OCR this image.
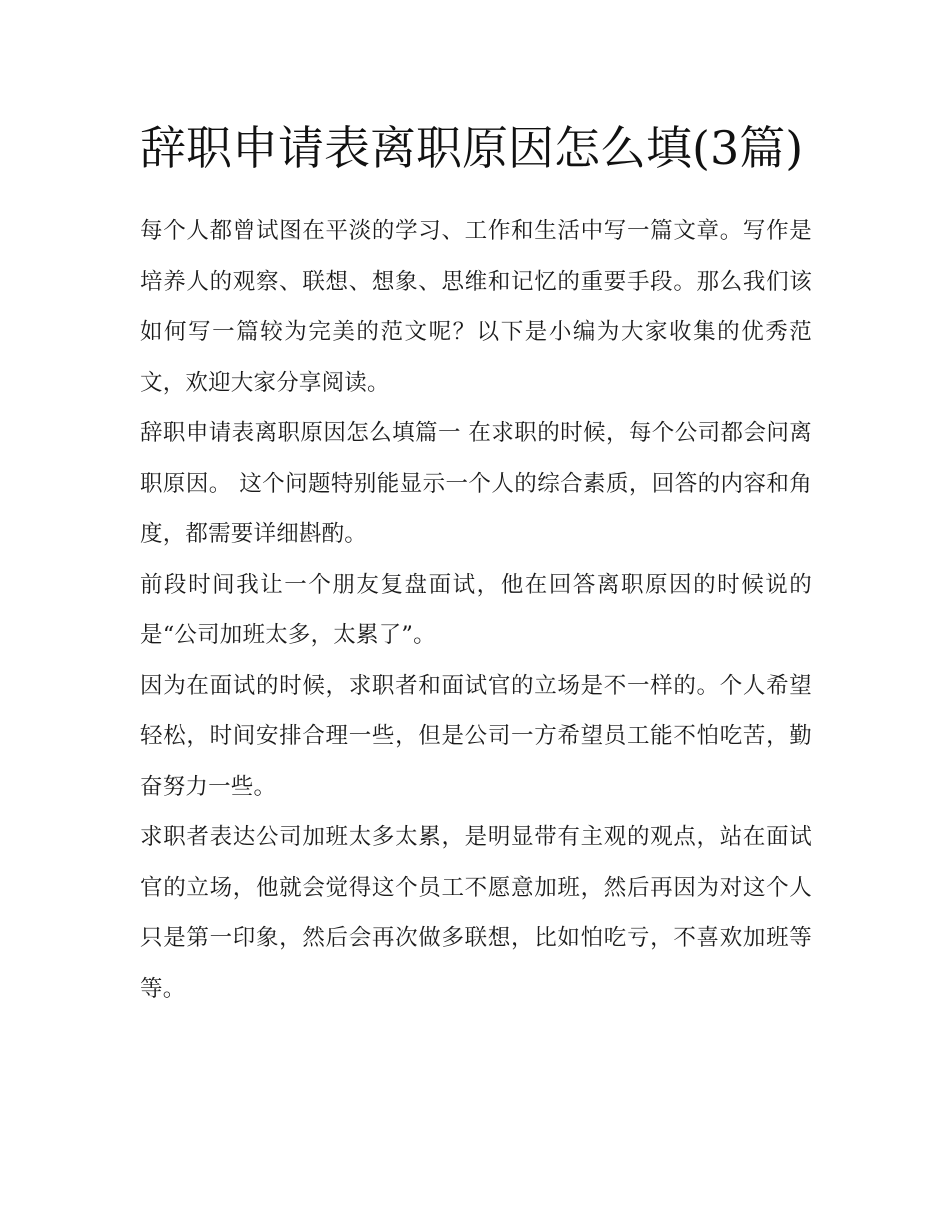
辞职申请表离职原因怎么填(3篇)

每个人都曾试图在平淡的学习、工作和生活中写一篇文章。写作是培养人的观察、联想、想象、思维和记忆的重要手段。那么我们该如何写一篇较为完美的范文呢？以下是小编为大家收集的优秀范文，欢迎大家分享阅读。

辞职申请表离职原因怎么填篇一 在求职的时候，每个公司都会问离职原因。 这个问题特别能显示一个人的综合素质，回答的内容和角度，都需要详细斟酌。

前段时间我让一个朋友复盘面试，他在回答离职原因的时候说的是“公司加班太多，太累了”。

因为在面试的时候，求职者和面试官的立场是不一样的。个人希望轻松，时间安排合理一些，但是公司一方希望员工能不怕吃苦，勤奋努力一些。

求职者表达公司加班太多太累，是明显带有主观的观点，站在面试官的立场，他就会觉得这个员工不愿意加班，然后再因为对这个人只是第一印象，然后会再次做多联想，比如怕吃亏，不喜欢加班等等。
